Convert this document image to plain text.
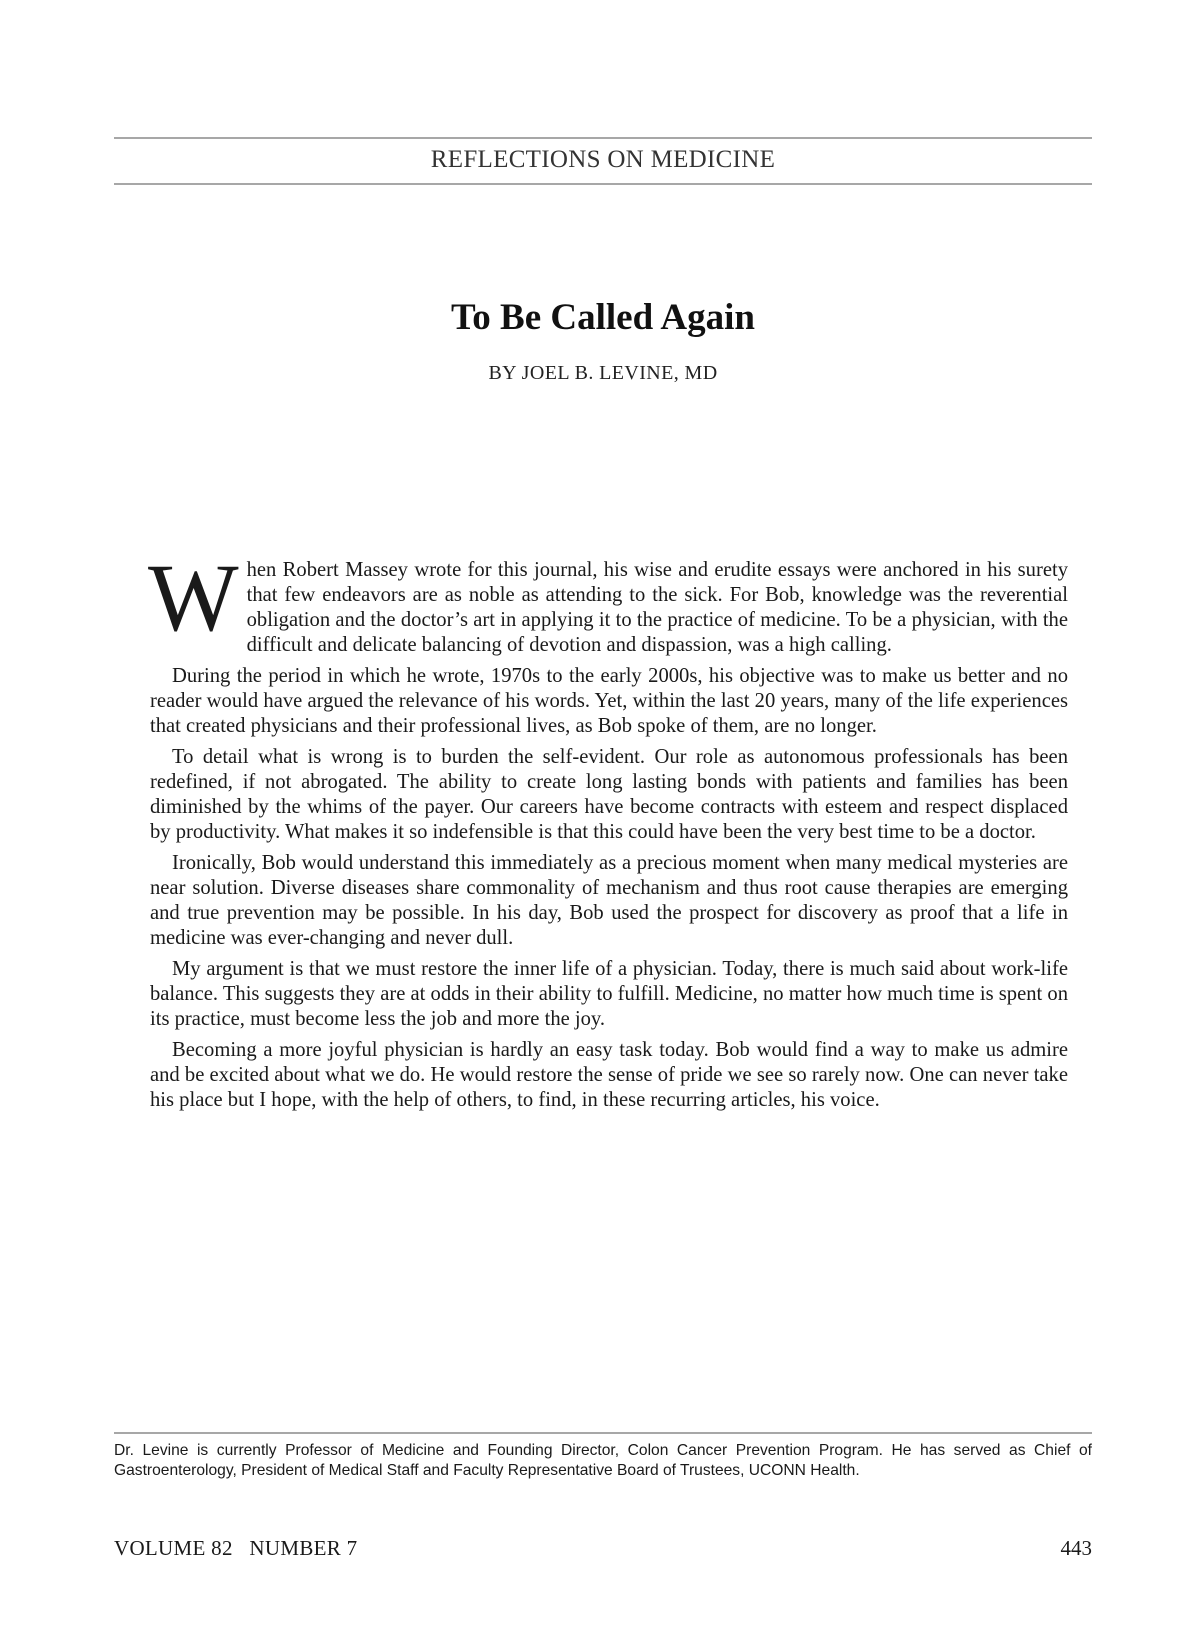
REFLECTIONS ON MEDICINE
To Be Called Again
BY JOEL B. LEVINE, MD

When Robert Massey wrote for this journal, his wise and erudite essays were anchored in his surety that few endeavors are as noble as attending to the sick. For Bob, knowledge was the reverential obligation and the doctor’s art in applying it to the practice of medicine. To be a physician, with the difficult and delicate balancing of devotion and dispassion, was a high calling.

During the period in which he wrote, 1970s to the early 2000s, his objective was to make us better and no reader would have argued the relevance of his words. Yet, within the last 20 years, many of the life experiences that created physicians and their professional lives, as Bob spoke of them, are no longer.

To detail what is wrong is to burden the self-evident. Our role as autonomous professionals has been redefined, if not abrogated. The ability to create long lasting bonds with patients and families has been diminished by the whims of the payer. Our careers have become contracts with esteem and respect displaced by productivity. What makes it so indefensible is that this could have been the very best time to be a doctor.

Ironically, Bob would understand this immediately as a precious moment when many medical mysteries are near solution. Diverse diseases share commonality of mechanism and thus root cause therapies are emerging and true prevention may be possible. In his day, Bob used the prospect for discovery as proof that a life in medicine was ever-changing and never dull.

My argument is that we must restore the inner life of a physician. Today, there is much said about work-life balance. This suggests they are at odds in their ability to fulfill. Medicine, no matter how much time is spent on its practice, must become less the job and more the joy.

Becoming a more joyful physician is hardly an easy task today. Bob would find a way to make us admire and be excited about what we do. He would restore the sense of pride we see so rarely now. One can never take his place but I hope, with the help of others, to find, in these recurring articles, his voice.

Dr. Levine is currently Professor of Medicine and Founding Director, Colon Cancer Prevention Program. He has served as Chief of Gastroenterology, President of Medical Staff and Faculty Representative Board of Trustees, UCONN Health.
VOLUME 82   NUMBER 7	443
